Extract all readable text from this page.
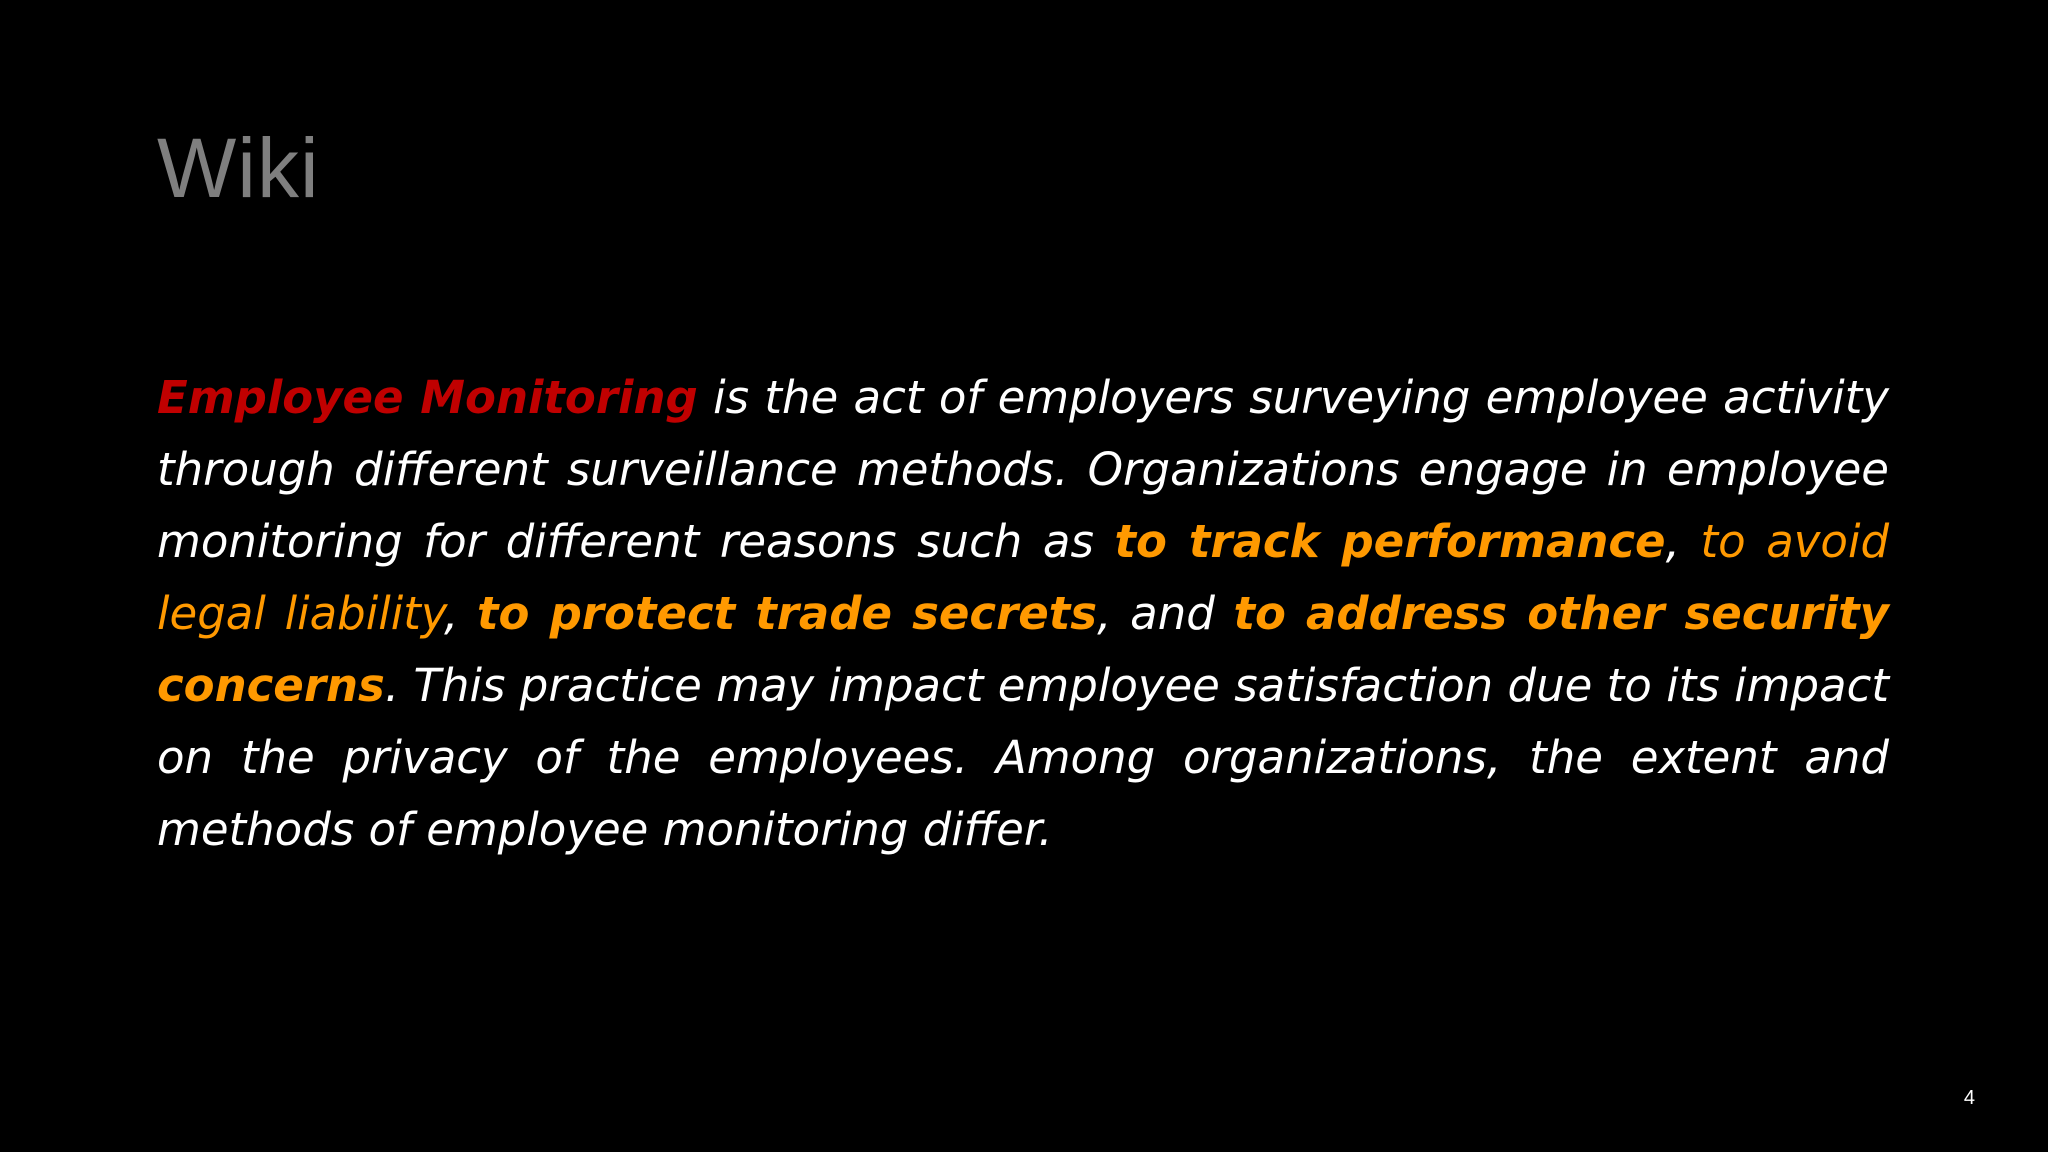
Wiki

Employee Monitoring is the act of employers surveying employee activity through different surveillance methods. Organizations engage in employee monitoring for different reasons such as to track performance, to avoid legal liability, to protect trade secrets, and to address other security concerns. This practice may impact employee satisfaction due to its impact on the privacy of the employees. Among organizations, the extent and methods of employee monitoring differ.

4
